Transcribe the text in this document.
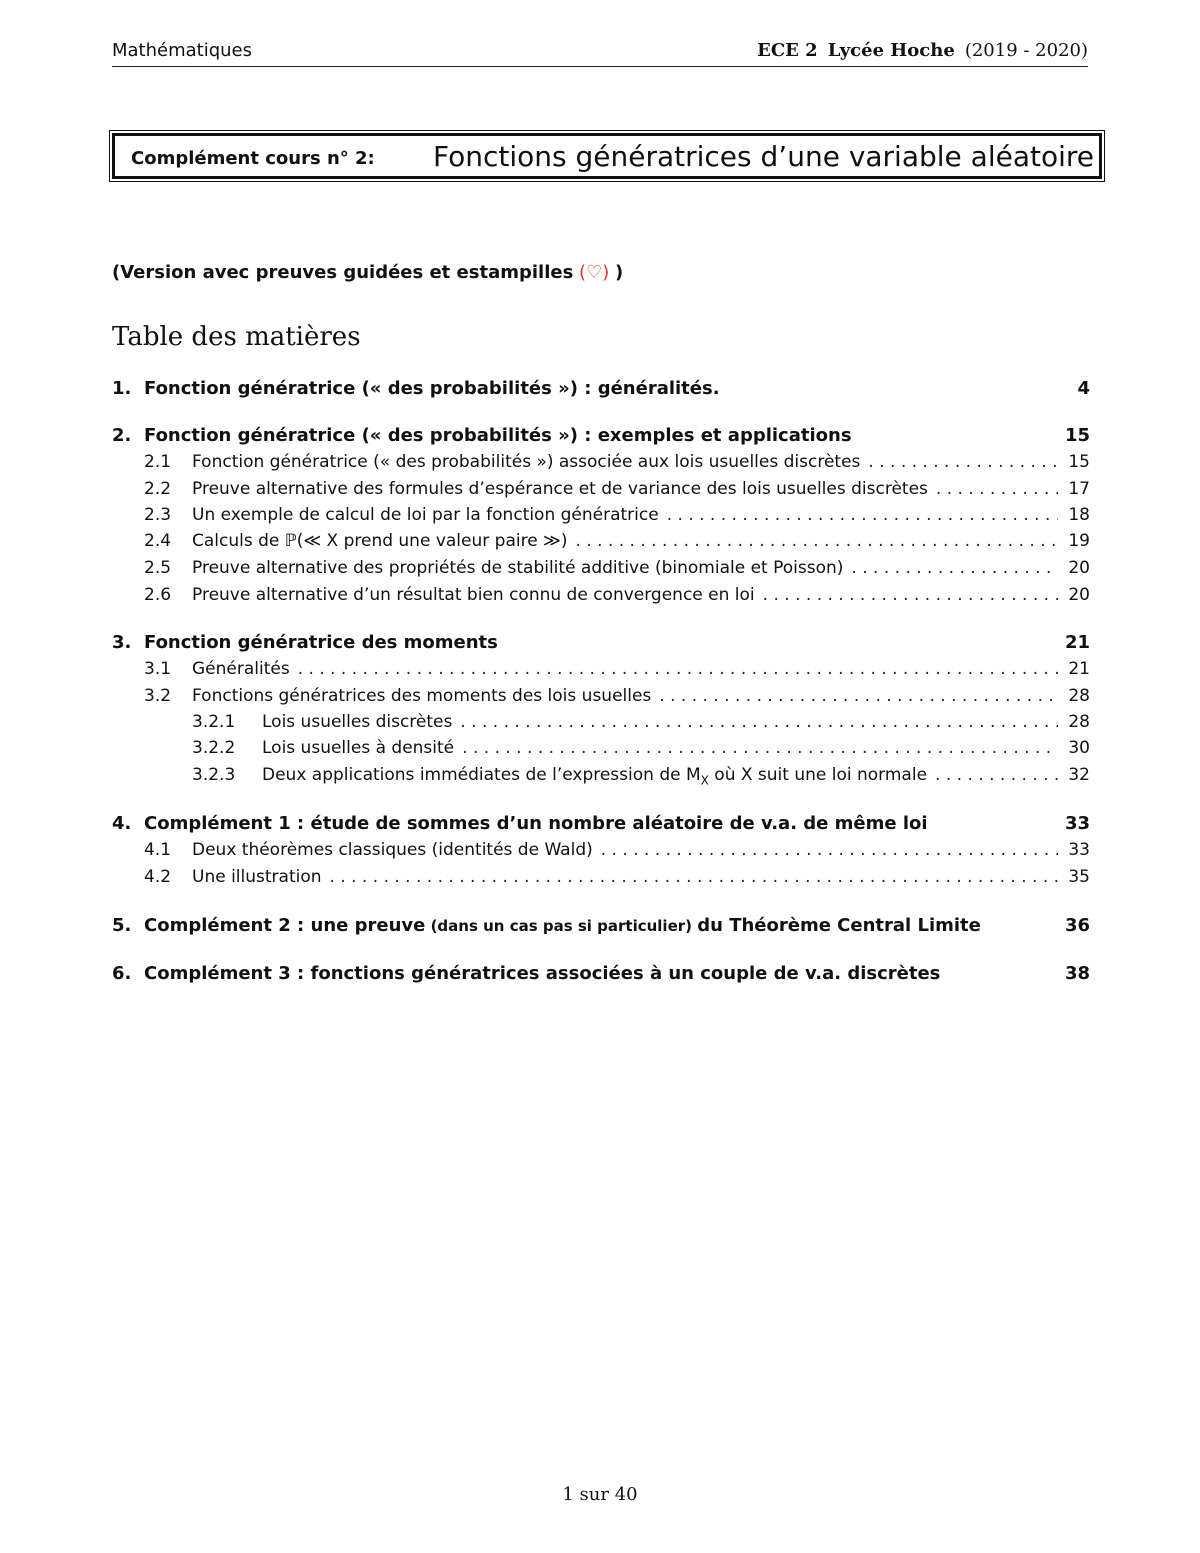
Mathématiques	ECE 2 Lycée Hoche (2019 - 2020)
Complément cours n° 2: Fonctions génératrices d’une variable aléatoire
(Version avec preuves guidées et estampilles (♡) )
Table des matières
1. Fonction génératrice (« des probabilités ») : généralités.	4
2. Fonction génératrice (« des probabilités ») : exemples et applications	15
2.1	Fonction génératrice (« des probabilités ») associée aux lois usuelles discrètes . . .	15
2.2	Preuve alternative des formules d’espérance et de variance des lois usuelles discrètes . . .	17
2.3	Un exemple de calcul de loi par la fonction génératrice . . .	18
2.4	Calculs de ℙ(≪ X prend une valeur paire ≫) . . .	19
2.5	Preuve alternative des propriétés de stabilité additive (binomiale et Poisson) . . .	20
2.6	Preuve alternative d’un résultat bien connu de convergence en loi . . .	20
3. Fonction génératrice des moments	21
3.1	Généralités . . .	21
3.2	Fonctions génératrices des moments des lois usuelles . . .	28
3.2.1	Lois usuelles discrètes . . .	28
3.2.2	Lois usuelles à densité . . .	30
3.2.3	Deux applications immédiates de l’expression de $M_X$ où X suit une loi normale . . .	32
4. Complément 1 : étude de sommes d’un nombre aléatoire de v.a. de même loi	33
4.1	Deux théorèmes classiques (identités de Wald) . . .	33
4.2	Une illustration . . .	35
5. Complément 2 : une preuve (dans un cas pas si particulier) du Théorème Central Limite	36
6. Complément 3 : fonctions génératrices associées à un couple de v.a. discrètes	38
1 sur 40
